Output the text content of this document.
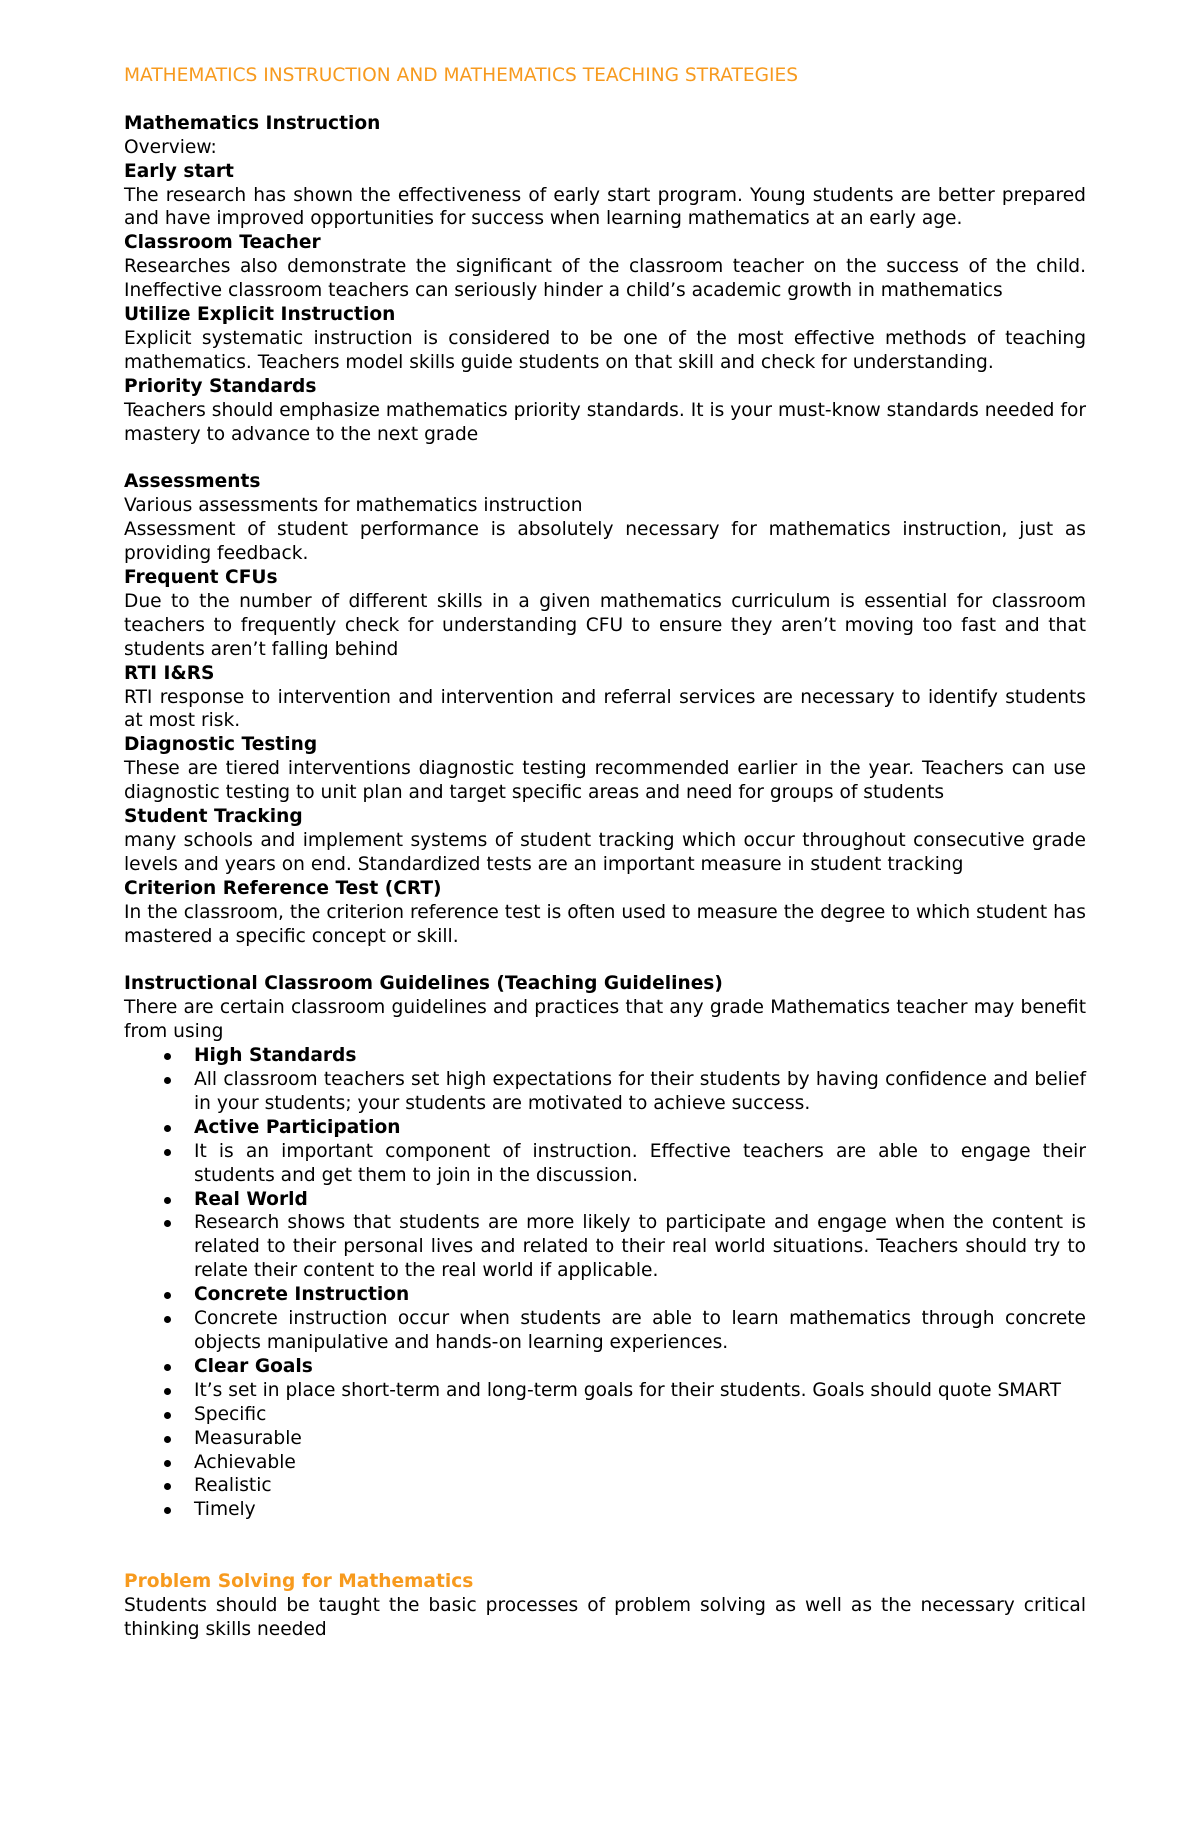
MATHEMATICS INSTRUCTION AND MATHEMATICS TEACHING STRATEGIES
Mathematics Instruction
Overview:
Early start
The research has shown the effectiveness of early start program. Young students are better prepared and have improved opportunities for success when learning mathematics at an early age.
Classroom Teacher
Researches also demonstrate the significant of the classroom teacher on the success of the child. Ineffective classroom teachers can seriously hinder a child’s academic growth in mathematics
Utilize Explicit Instruction
Explicit systematic instruction is considered to be one of the most effective methods of teaching mathematics. Teachers model skills guide students on that skill and check for understanding.
Priority Standards
Teachers should emphasize mathematics priority standards. It is your must-know standards needed for mastery to advance to the next grade
Assessments
Various assessments for mathematics instruction
Assessment of student performance is absolutely necessary for mathematics instruction, just as providing feedback.
Frequent CFUs
Due to the number of different skills in a given mathematics curriculum is essential for classroom teachers to frequently check for understanding CFU to ensure they aren’t moving too fast and that students aren’t falling behind
RTI I&RS
RTI response to intervention and intervention and referral services are necessary to identify students at most risk.
Diagnostic Testing
These are tiered interventions diagnostic testing recommended earlier in the year. Teachers can use diagnostic testing to unit plan and target specific areas and need for groups of students
Student Tracking
many schools and implement systems of student tracking which occur throughout consecutive grade levels and years on end. Standardized tests are an important measure in student tracking
Criterion Reference Test (CRT)
In the classroom, the criterion reference test is often used to measure the degree to which student has mastered a specific concept or skill.
Instructional Classroom Guidelines (Teaching Guidelines)
There are certain classroom guidelines and practices that any grade Mathematics teacher may benefit from using
High Standards
All classroom teachers set high expectations for their students by having confidence and belief in your students; your students are motivated to achieve success.
Active Participation
It is an important component of instruction. Effective teachers are able to engage their students and get them to join in the discussion.
Real World
Research shows that students are more likely to participate and engage when the content is related to their personal lives and related to their real world situations. Teachers should try to relate their content to the real world if applicable.
Concrete Instruction
Concrete instruction occur when students are able to learn mathematics through concrete objects manipulative and hands-on learning experiences.
Clear Goals
It’s set in place short-term and long-term goals for their students. Goals should quote SMART
Specific
Measurable
Achievable
Realistic
Timely
Problem Solving for Mathematics
Students should be taught the basic processes of problem solving as well as the necessary critical thinking skills needed
